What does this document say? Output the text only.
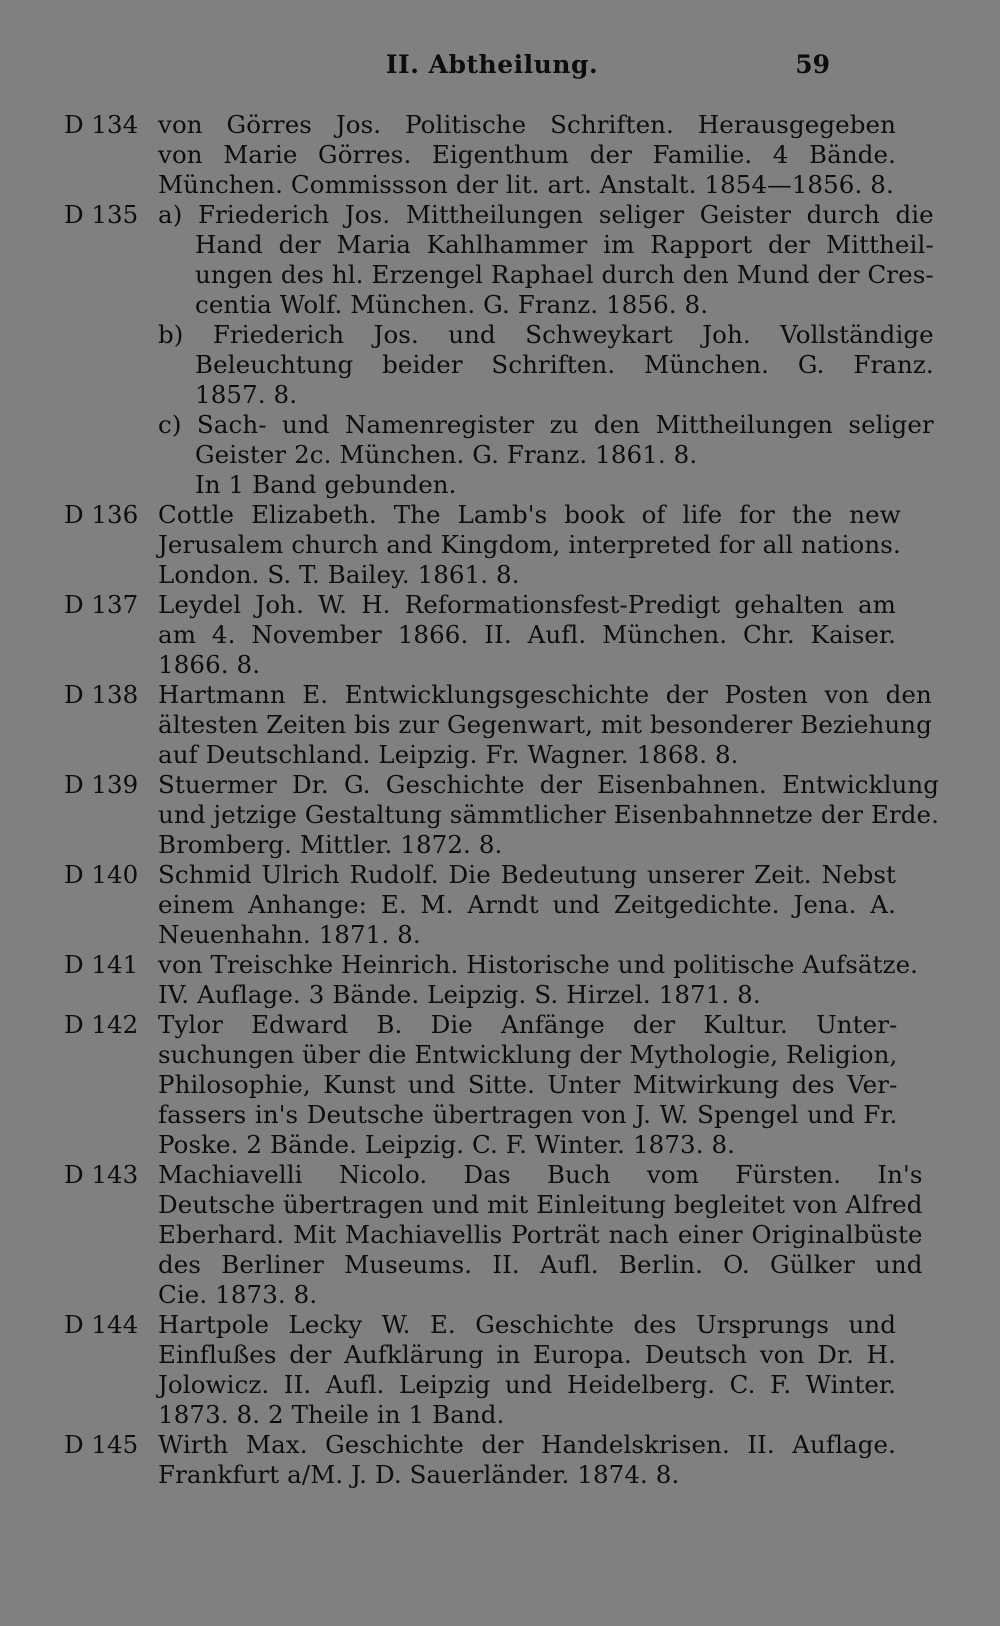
II. Abtheilung.	59
D 134 von Görres Jos. Politische Schriften. Herausgegeben
von Marie Görres. Eigenthum der Familie. 4 Bände.
München. Commissson der lit. art. Anstalt. 1854—1856. 8.
D 135 a) Friederich Jos. Mittheilungen seliger Geister durch die
Hand der Maria Kahlhammer im Rapport der Mittheil-
ungen des hl. Erzengel Raphael durch den Mund der Cres-
centia Wolf. München. G. Franz. 1856. 8.
b) Friederich Jos. und Schweykart Joh. Vollständige
Beleuchtung beider Schriften. München. G. Franz.
1857. 8.
c) Sach- und Namenregister zu den Mittheilungen seliger
Geister 2c. München. G. Franz. 1861. 8.
In 1 Band gebunden.
D 136 Cottle Elizabeth. The Lamb's book of life for the new
Jerusalem church and Kingdom, interpreted for all nations.
London. S. T. Bailey. 1861. 8.
D 137 Leydel Joh. W. H. Reformationsfest-Predigt gehalten am
am 4. November 1866. II. Aufl. München. Chr. Kaiser.
1866. 8.
D 138 Hartmann E. Entwicklungsgeschichte der Posten von den
ältesten Zeiten bis zur Gegenwart, mit besonderer Beziehung
auf Deutschland. Leipzig. Fr. Wagner. 1868. 8.
D 139 Stuermer Dr. G. Geschichte der Eisenbahnen. Entwicklung
und jetzige Gestaltung sämmtlicher Eisenbahnnetze der Erde.
Bromberg. Mittler. 1872. 8.
D 140 Schmid Ulrich Rudolf. Die Bedeutung unserer Zeit. Nebst
einem Anhange: E. M. Arndt und Zeitgedichte. Jena. A.
Neuenhahn. 1871. 8.
D 141 von Treischke Heinrich. Historische und politische Aufsätze.
IV. Auflage. 3 Bände. Leipzig. S. Hirzel. 1871. 8.
D 142 Tylor Edward B. Die Anfänge der Kultur. Unter-
suchungen über die Entwicklung der Mythologie, Religion,
Philosophie, Kunst und Sitte. Unter Mitwirkung des Ver-
fassers in's Deutsche übertragen von J. W. Spengel und Fr.
Poske. 2 Bände. Leipzig. C. F. Winter. 1873. 8.
D 143 Machiavelli Nicolo. Das Buch vom Fürsten. In's
Deutsche übertragen und mit Einleitung begleitet von Alfred
Eberhard. Mit Machiavellis Porträt nach einer Originalbüste
des Berliner Museums. II. Aufl. Berlin. O. Gülker und
Cie. 1873. 8.
D 144 Hartpole Lecky W. E. Geschichte des Ursprungs und
Einflußes der Aufklärung in Europa. Deutsch von Dr. H.
Jolowicz. II. Aufl. Leipzig und Heidelberg. C. F. Winter.
1873. 8. 2 Theile in 1 Band.
D 145 Wirth Max. Geschichte der Handelskrisen. II. Auflage.
Frankfurt a/M. J. D. Sauerländer. 1874. 8.
